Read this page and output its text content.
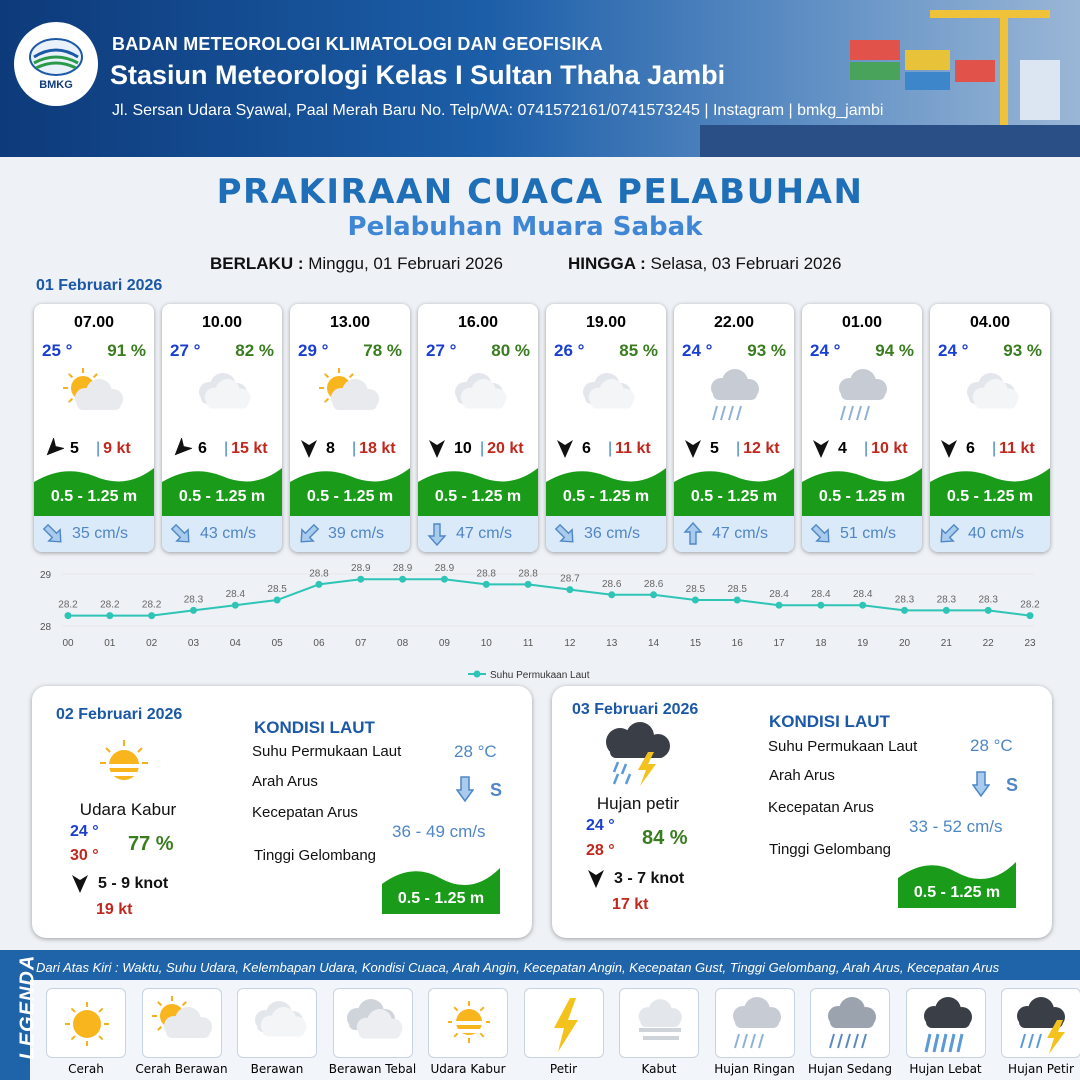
BMKG
BADAN METEOROLOGI KLIMATOLOGI DAN GEOFISIKA
Stasiun Meteorologi Kelas I Sultan Thaha Jambi
Jl. Sersan Udara Syawal, Paal Merah Baru No. Telp/WA: 0741572161/0741573245 | Instagram | bmkg_jambi
PRAKIRAAN CUACA PELABUHAN
Pelabuhan Muara Sabak
BERLAKU : Minggu, 01 Februari 2026	HINGGA : Selasa, 03 Februari 2026
01 Februari 2026
07.00
25 ° 91 %
5 | 9 kt
0.5 - 1.25 m
35 cm/s
10.00
27 ° 82 %
6 | 15 kt
0.5 - 1.25 m
43 cm/s
13.00
29 ° 78 %
8 | 18 kt
0.5 - 1.25 m
39 cm/s
16.00
27 ° 80 %
10 | 20 kt
0.5 - 1.25 m
47 cm/s
19.00
26 ° 85 %
6 | 11 kt
0.5 - 1.25 m
36 cm/s
22.00
24 ° 93 %
5 | 12 kt
0.5 - 1.25 m
47 cm/s
01.00
24 ° 94 %
4 | 10 kt
0.5 - 1.25 m
51 cm/s
04.00
24 ° 93 %
6 | 11 kt
0.5 - 1.25 m
40 cm/s
28
29
28.2 28.2 28.2 28.3 28.4 28.5
28.8 28.9 28.9 28.9 28.8 28.8 28.7 28.6 28.6 28.5 28.5 28.4 28.4 28.4 28.3 28.3 28.3 28.2
00	01	02	03	04	05	06	07	08	09	10	11	12	13	14	15	16	17	18	19	20	21	22	23
Suhu Permukaan Laut
02 Februari 2026
Udara Kabur
24 °
30 °
77 %
5 - 9 knot
19 kt
KONDISI LAUT
Suhu Permukaan Laut	28 °C
Arah Arus	S
Kecepatan Arus
36 - 49 cm/s
Tinggi Gelombang
0.5 - 1.25 m
03 Februari 2026
Hujan petir
24 °
28 °
84 %
3 - 7 knot
17 kt
KONDISI LAUT
Suhu Permukaan Laut	28 °C
Arah Arus	S
Kecepatan Arus
33 - 52 cm/s
Tinggi Gelombang
0.5 - 1.25 m
LEGENDA
Dari Atas Kiri : Waktu, Suhu Udara, Kelembapan Udara, Kondisi Cuaca, Arah Angin, Kecepatan Angin, Kecepatan Gust, Tinggi Gelombang, Arah Arus, Kecepatan Arus
Cerah	Cerah Berawan	Berawan	Berawan Tebal	Udara Kabur	Petir	Kabut	Hujan Ringan	Hujan Sedang	Hujan Lebat	Hujan Petir
